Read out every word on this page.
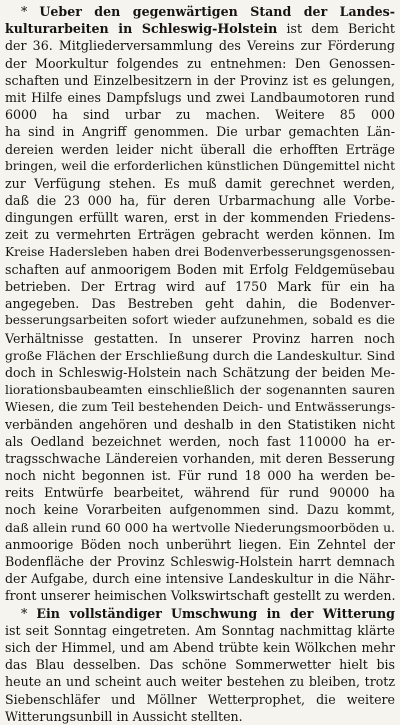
* Ueber den gegenwärtigen Stand der Landes-
kulturarbeiten in Schleswig-Holstein ist dem Bericht
der 36. Mitgliederversammlung des Vereins zur Förderung
der Moorkultur folgendes zu entnehmen: Den Genossen-
schaften und Einzelbesitzern in der Provinz ist es gelungen,
mit Hilfe eines Dampfslugs und zwei Landbaumotoren rund
6000 ha sind urbar zu machen. Weitere 85 000
ha sind in Angriff genommen. Die urbar gemachten Län-
dereien werden leider nicht überall die erhofften Erträge
bringen, weil die erforderlichen künstlichen Düngemittel nicht
zur Verfügung stehen. Es muß damit gerechnet werden,
daß die 23 000 ha, für deren Urbarmachung alle Vorbe-
dingungen erfüllt waren, erst in der kommenden Friedens-
zeit zu vermehrten Erträgen gebracht werden können. Im
Kreise Hadersleben haben drei Bodenverbesserungsgenossen-
schaften auf anmoorigem Boden mit Erfolg Feldgemüsebau
betrieben. Der Ertrag wird auf 1750 Mark für ein ha
angegeben. Das Bestreben geht dahin, die Bodenver-
besserungsarbeiten sofort wieder aufzunehmen, sobald es die
Verhältnisse gestatten. In unserer Provinz harren noch
große Flächen der Erschließung durch die Landeskultur. Sind
doch in Schleswig-Holstein nach Schätzung der beiden Me-
liorationsbaubeamten einschließlich der sogenannten sauren
Wiesen, die zum Teil bestehenden Deich- und Entwässerungs-
verbänden angehören und deshalb in den Statistiken nicht
als Oedland bezeichnet werden, noch fast 110000 ha er-
tragsschwache Ländereien vorhanden, mit deren Besserung
noch nicht begonnen ist. Für rund 18 000 ha werden be-
reits Entwürfe bearbeitet, während für rund 90000 ha
noch keine Vorarbeiten aufgenommen sind. Dazu kommt,
daß allein rund 60 000 ha wertvolle Niederungsmoorböden u.
anmoorige Böden noch unberührt liegen. Ein Zehntel der
Bodenfläche der Provinz Schleswig-Holstein harrt demnach
der Aufgabe, durch eine intensive Landeskultur in die Nähr-
front unserer heimischen Volkswirtschaft gestellt zu werden.
* Ein vollständiger Umschwung in der Witterung
ist seit Sonntag eingetreten. Am Sonntag nachmittag klärte
sich der Himmel, und am Abend trübte kein Wölkchen mehr
das Blau desselben. Das schöne Sommerwetter hielt bis
heute an und scheint auch weiter bestehen zu bleiben, trotz
Siebenschläfer und Möllner Wetterprophet, die weitere
Witterungsunbill in Aussicht stellten.
